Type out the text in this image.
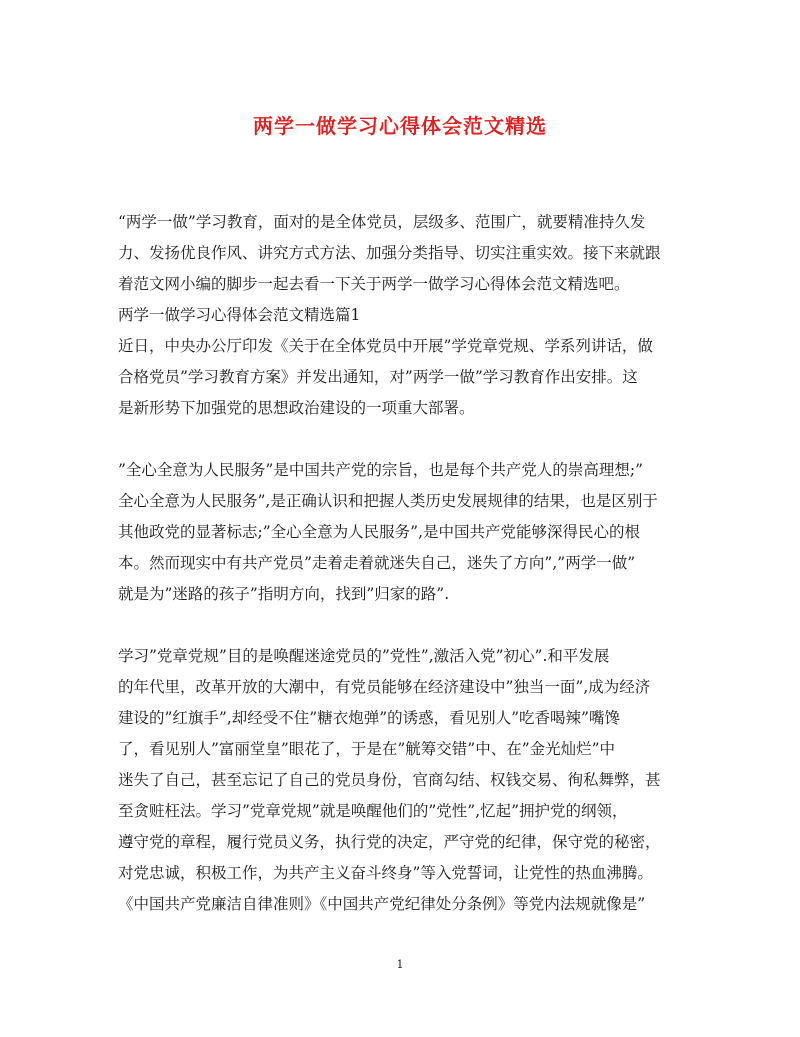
两学一做学习心得体会范文精选
“两学一做”学习教育，面对的是全体党员，层级多、范围广，就要精准持久发
力、发扬优良作风、讲究方式方法、加强分类指导、切实注重实效。接下来就跟
着范文网小编的脚步一起去看一下关于两学一做学习心得体会范文精选吧。
两学一做学习心得体会范文精选篇1
近日，中央办公厅印发《关于在全体党员中开展”学党章党规、学系列讲话，做
合格党员”学习教育方案》并发出通知，对”两学一做”学习教育作出安排。这
是新形势下加强党的思想政治建设的一项重大部署。
”全心全意为人民服务”是中国共产党的宗旨，也是每个共产党人的崇高理想;”
全心全意为人民服务”,是正确认识和把握人类历史发展规律的结果，也是区别于
其他政党的显著标志;”全心全意为人民服务”,是中国共产党能够深得民心的根
本。然而现实中有共产党员”走着走着就迷失自己，迷失了方向”,”两学一做”
就是为”迷路的孩子”指明方向，找到”归家的路”.
学习”党章党规”目的是唤醒迷途党员的”党性”,激活入党”初心”.和平发展
的年代里，改革开放的大潮中，有党员能够在经济建设中”独当一面”,成为经济
建设的”红旗手”,却经受不住”糖衣炮弹”的诱惑，看见别人”吃香喝辣”嘴馋
了，看见别人”富丽堂皇”眼花了，于是在”觥筹交错”中、在”金光灿烂”中
迷失了自己，甚至忘记了自己的党员身份，官商勾结、权钱交易、徇私舞弊，甚
至贪赃枉法。学习”党章党规”就是唤醒他们的”党性”,忆起”拥护党的纲领，
遵守党的章程，履行党员义务，执行党的决定，严守党的纪律，保守党的秘密，
对党忠诚，积极工作，为共产主义奋斗终身”等入党誓词，让党性的热血沸腾。
《中国共产党廉洁自律准则》《中国共产党纪律处分条例》等党内法规就像是”
1
